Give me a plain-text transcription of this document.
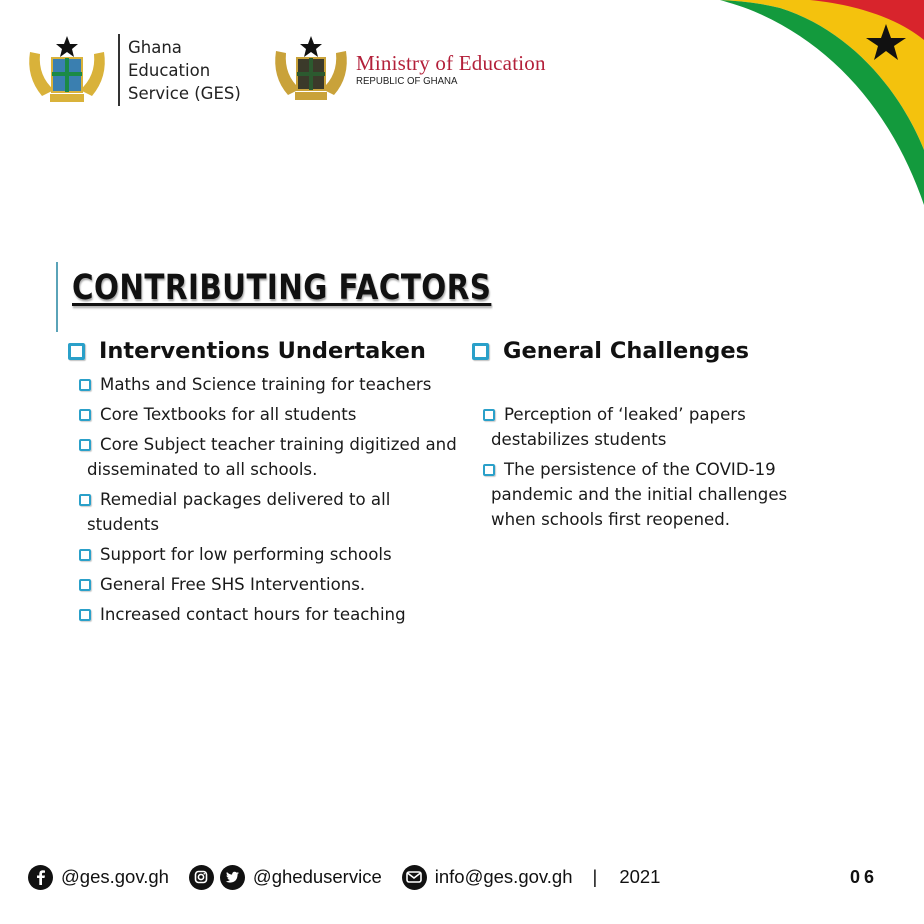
Ghana Education
Service (GES)
Ministry of Education
REPUBLIC OF GHANA
CONTRIBUTING FACTORS
Interventions Undertaken
Maths and Science training for teachers
Core Textbooks for all students
Core Subject teacher training digitized and disseminated to all schools.
Remedial packages delivered to all students
Support for low performing schools
General Free SHS Interventions.
Increased contact hours for teaching
General Challenges
Perception of ‘leaked’ papers destabilizes students
The persistence of the COVID-19 pandemic and the initial challenges when schools first reopened.
@ges.gov.gh	@gheduservice	info@ges.gov.gh | 2021	06
